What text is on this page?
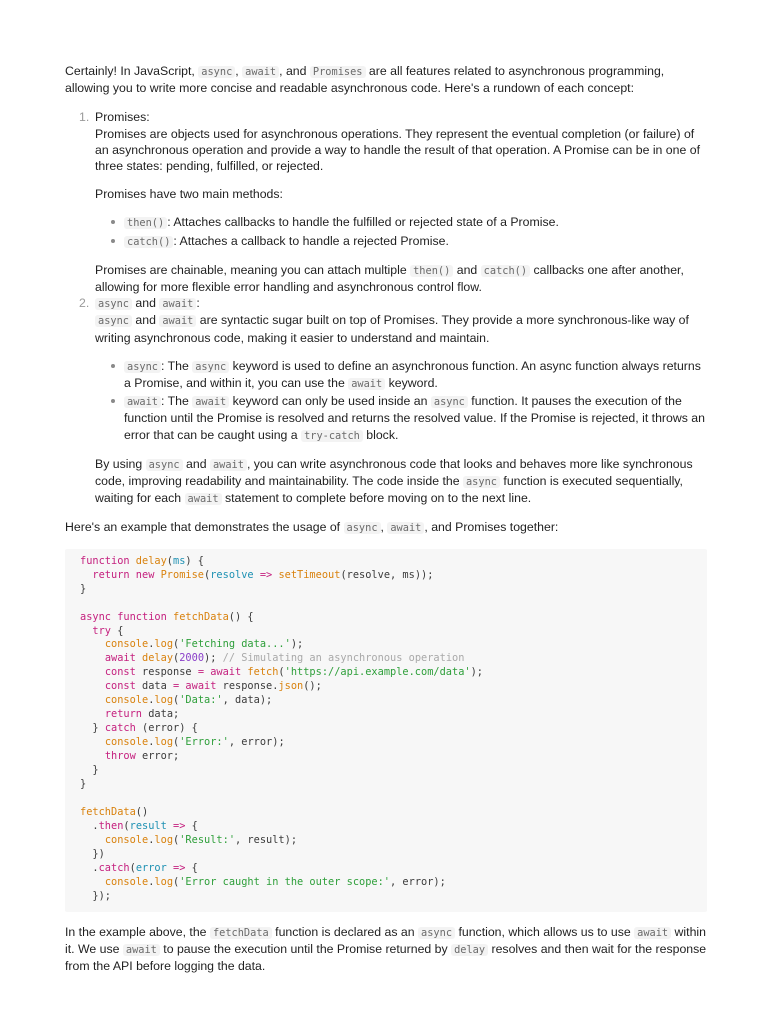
Certainly! In JavaScript, async , await , and Promises are all features related to asynchronous programming, allowing you to write more concise and readable asynchronous code. Here's a rundown of each concept:

1. Promises:

Promises are objects used for asynchronous operations. They represent the eventual completion (or failure) of an asynchronous operation and provide a way to handle the result of that operation. A Promise can be in one of three states: pending, fulfilled, or rejected.

Promises have two main methods:

then() : Attaches callbacks to handle the fulfilled or rejected state of a Promise.
catch() : Attaches a callback to handle a rejected Promise.

Promises are chainable, meaning you can attach multiple then() and catch() callbacks one after another, allowing for more flexible error handling and asynchronous control flow.

2. async and await :

async and await are syntactic sugar built on top of Promises. They provide a more synchronous-like way of writing asynchronous code, making it easier to understand and maintain.

async : The async keyword is used to define an asynchronous function. An async function always returns a Promise, and within it, you can use the await keyword.
await : The await keyword can only be used inside an async function. It pauses the execution of the function until the Promise is resolved and returns the resolved value. If the Promise is rejected, it throws an error that can be caught using a try-catch block.

By using async and await , you can write asynchronous code that looks and behaves more like synchronous code, improving readability and maintainability. The code inside the async function is executed sequentially, waiting for each await statement to complete before moving on to the next line.

Here's an example that demonstrates the usage of async , await , and Promises together:

function delay(ms) {
return new Promise(resolve => setTimeout(resolve, ms));
}

async function fetchData() {
try {
console.log('Fetching data...');
await delay(2000); // Simulating an asynchronous operation
const response = await fetch('https://api.example.com/data');
const data = await response.json();
console.log('Data:', data);
return data;
} catch (error) {
console.log('Error:', error);
throw error;
}
}

fetchData()
.then(result => {
console.log('Result:', result);
})
.catch(error => {
console.log('Error caught in the outer scope:', error);
});

In the example above, the fetchData function is declared as an async function, which allows us to use await within it. We use await to pause the execution until the Promise returned by delay resolves and then wait for the response from the API before logging the data.
